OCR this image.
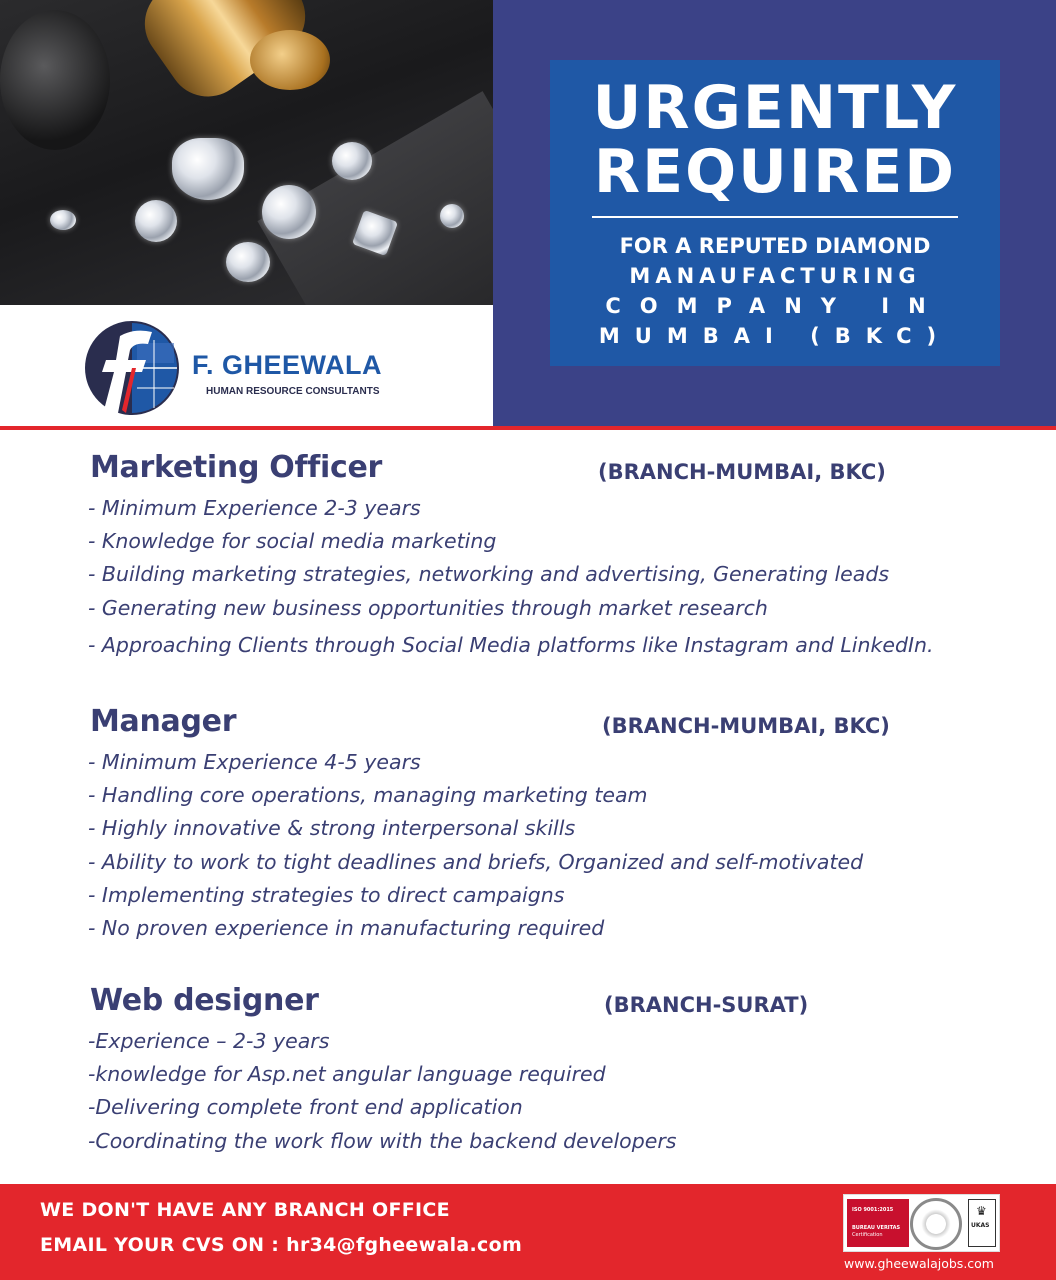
URGENTLY
REQUIRED
FOR A REPUTED DIAMOND
MANAUFACTURING
COMPANY IN
MUMBAI (BKC)
F. GHEEWALA
HUMAN RESOURCE CONSULTANTS
Marketing Officer	(BRANCH-MUMBAI, BKC)
- Minimum Experience 2-3 years
- Knowledge for social media marketing
- Building marketing strategies, networking and advertising, Generating leads
- Generating new business opportunities through market research
- Approaching Clients through Social Media platforms like Instagram and LinkedIn.
Manager	(BRANCH-MUMBAI, BKC)
- Minimum Experience 4-5 years
- Handling core operations, managing marketing team
- Highly innovative & strong interpersonal skills
- Ability to work to tight deadlines and briefs, Organized and self-motivated
- Implementing strategies to direct campaigns
- No proven experience in manufacturing required
Web designer	(BRANCH-SURAT)
-Experience – 2-3 years
-knowledge for Asp.net angular language required
-Delivering complete front end application
-Coordinating the work flow with the backend developers
WE DON'T HAVE ANY BRANCH OFFICE
EMAIL YOUR CVS ON : hr34@fgheewala.com
ISO 9001:2015
BUREAU VERITAS
Certification
♛
UKAS
www.gheewalajobs.com
